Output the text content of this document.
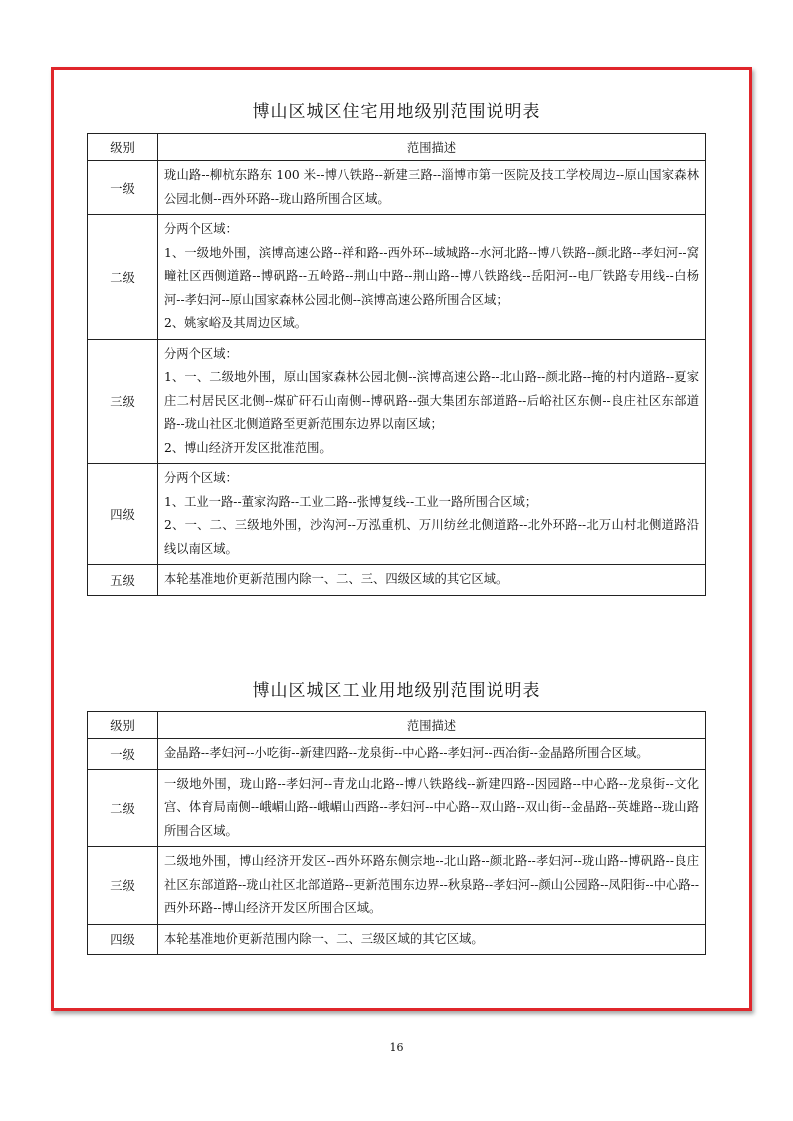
博山区城区住宅用地级别范围说明表
级别	范围描述
一级	珑山路--柳杭东路东 100 米--博八铁路--新建三路--淄博市第一医院及技工学校周边--原山国家森林公园北侧--西外环路--珑山路所围合区域。

二级	分两个区域：
1、一级地外围，滨博高速公路--祥和路--西外环--域城路--水河北路--博八铁路--颜北路--孝妇河--窝疃社区西侧道路--博矾路--五岭路--荆山中路--荆山路--博八铁路线--岳阳河--电厂铁路专用线--白杨河--孝妇河--原山国家森林公园北侧--滨博高速公路所围合区域；
2、姚家峪及其周边区域。

三级	分两个区域：
1、一、二级地外围，原山国家森林公园北侧--滨博高速公路--北山路--颜北路--掩的村内道路--夏家庄二村居民区北侧--煤矿矸石山南侧--博矾路--强大集团东部道路--后峪社区东侧--良庄社区东部道路--珑山社区北侧道路至更新范围东边界以南区域；
2、博山经济开发区批准范围。

四级	分两个区域：
1、工业一路--董家沟路--工业二路--张博复线--工业一路所围合区域；
2、一、二、三级地外围，沙沟河--万泓重机、万川纺丝北侧道路--北外环路--北万山村北侧道路沿线以南区域。

五级	本轮基准地价更新范围内除一、二、三、四级区域的其它区域。
博山区城区工业用地级别范围说明表
级别	范围描述
一级	金晶路--孝妇河--小吃街--新建四路--龙泉街--中心路--孝妇河--西冶街--金晶路所围合区域。

二级	一级地外围，珑山路--孝妇河--青龙山北路--博八铁路线--新建四路--因园路--中心路--龙泉街--文化宫、体育局南侧--峨嵋山路--峨嵋山西路--孝妇河--中心路--双山路--双山街--金晶路--英雄路--珑山路所围合区域。

三级	二级地外围，博山经济开发区--西外环路东侧宗地--北山路--颜北路--孝妇河--珑山路--博矾路--良庄社区东部道路--珑山社区北部道路--更新范围东边界--秋泉路--孝妇河--颜山公园路--凤阳街--中心路--西外环路--博山经济开发区所围合区域。

四级	本轮基准地价更新范围内除一、二、三级区域的其它区域。
16
